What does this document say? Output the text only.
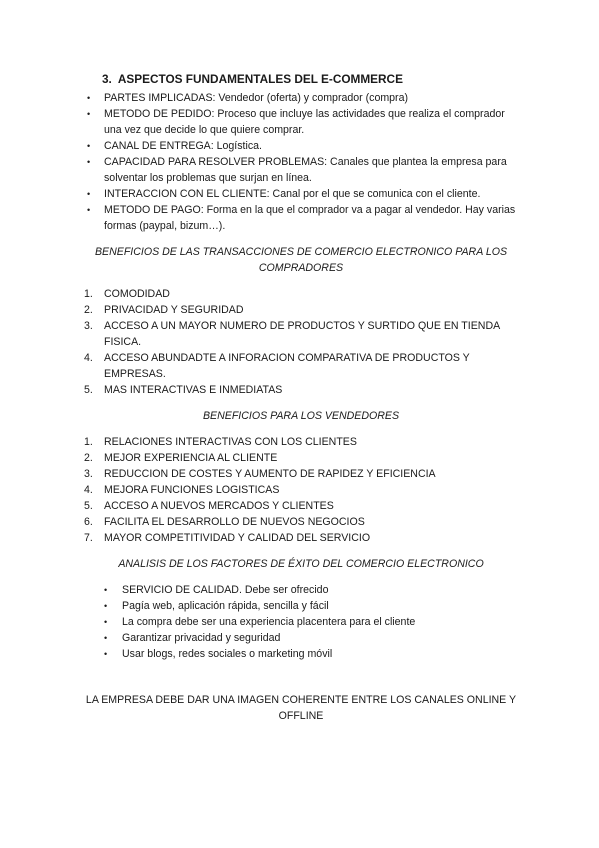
3. ASPECTOS FUNDAMENTALES DEL E-COMMERCE
• PARTES IMPLICADAS: Vendedor (oferta) y comprador (compra)
• METODO DE PEDIDO: Proceso que incluye las actividades que realiza el comprador una vez que decide lo que quiere comprar.
• CANAL DE ENTREGA: Logística.
• CAPACIDAD PARA RESOLVER PROBLEMAS: Canales que plantea la empresa para solventar los problemas que surjan en línea.
• INTERACCION CON EL CLIENTE: Canal por el que se comunica con el cliente.
• METODO DE PAGO: Forma en la que el comprador va a pagar al vendedor. Hay varias formas (paypal, bizum…).

BENEFICIOS DE LAS TRANSACCIONES DE COMERCIO ELECTRONICO PARA LOS COMPRADORES

1. COMODIDAD
2. PRIVACIDAD Y SEGURIDAD
3. ACCESO A UN MAYOR NUMERO DE PRODUCTOS Y SURTIDO QUE EN TIENDA FISICA.
4. ACCESO ABUNDADTE A INFORACION COMPARATIVA DE PRODUCTOS Y EMPRESAS.
5. MAS INTERACTIVAS E INMEDIATAS

BENEFICIOS PARA LOS VENDEDORES

1. RELACIONES INTERACTIVAS CON LOS CLIENTES
2. MEJOR EXPERIENCIA AL CLIENTE
3. REDUCCION DE COSTES Y AUMENTO DE RAPIDEZ Y EFICIENCIA
4. MEJORA FUNCIONES LOGISTICAS
5. ACCESO A NUEVOS MERCADOS Y CLIENTES
6. FACILITA EL DESARROLLO DE NUEVOS NEGOCIOS
7. MAYOR COMPETITIVIDAD Y CALIDAD DEL SERVICIO

ANALISIS DE LOS FACTORES DE ÉXITO DEL COMERCIO ELECTRONICO

• SERVICIO DE CALIDAD. Debe ser ofrecido
• Pagía web, aplicación rápida, sencilla y fácil
• La compra debe ser una experiencia placentera para el cliente
• Garantizar privacidad y seguridad
• Usar blogs, redes sociales o marketing móvil

LA EMPRESA DEBE DAR UNA IMAGEN COHERENTE ENTRE LOS CANALES ONLINE Y OFFLINE
